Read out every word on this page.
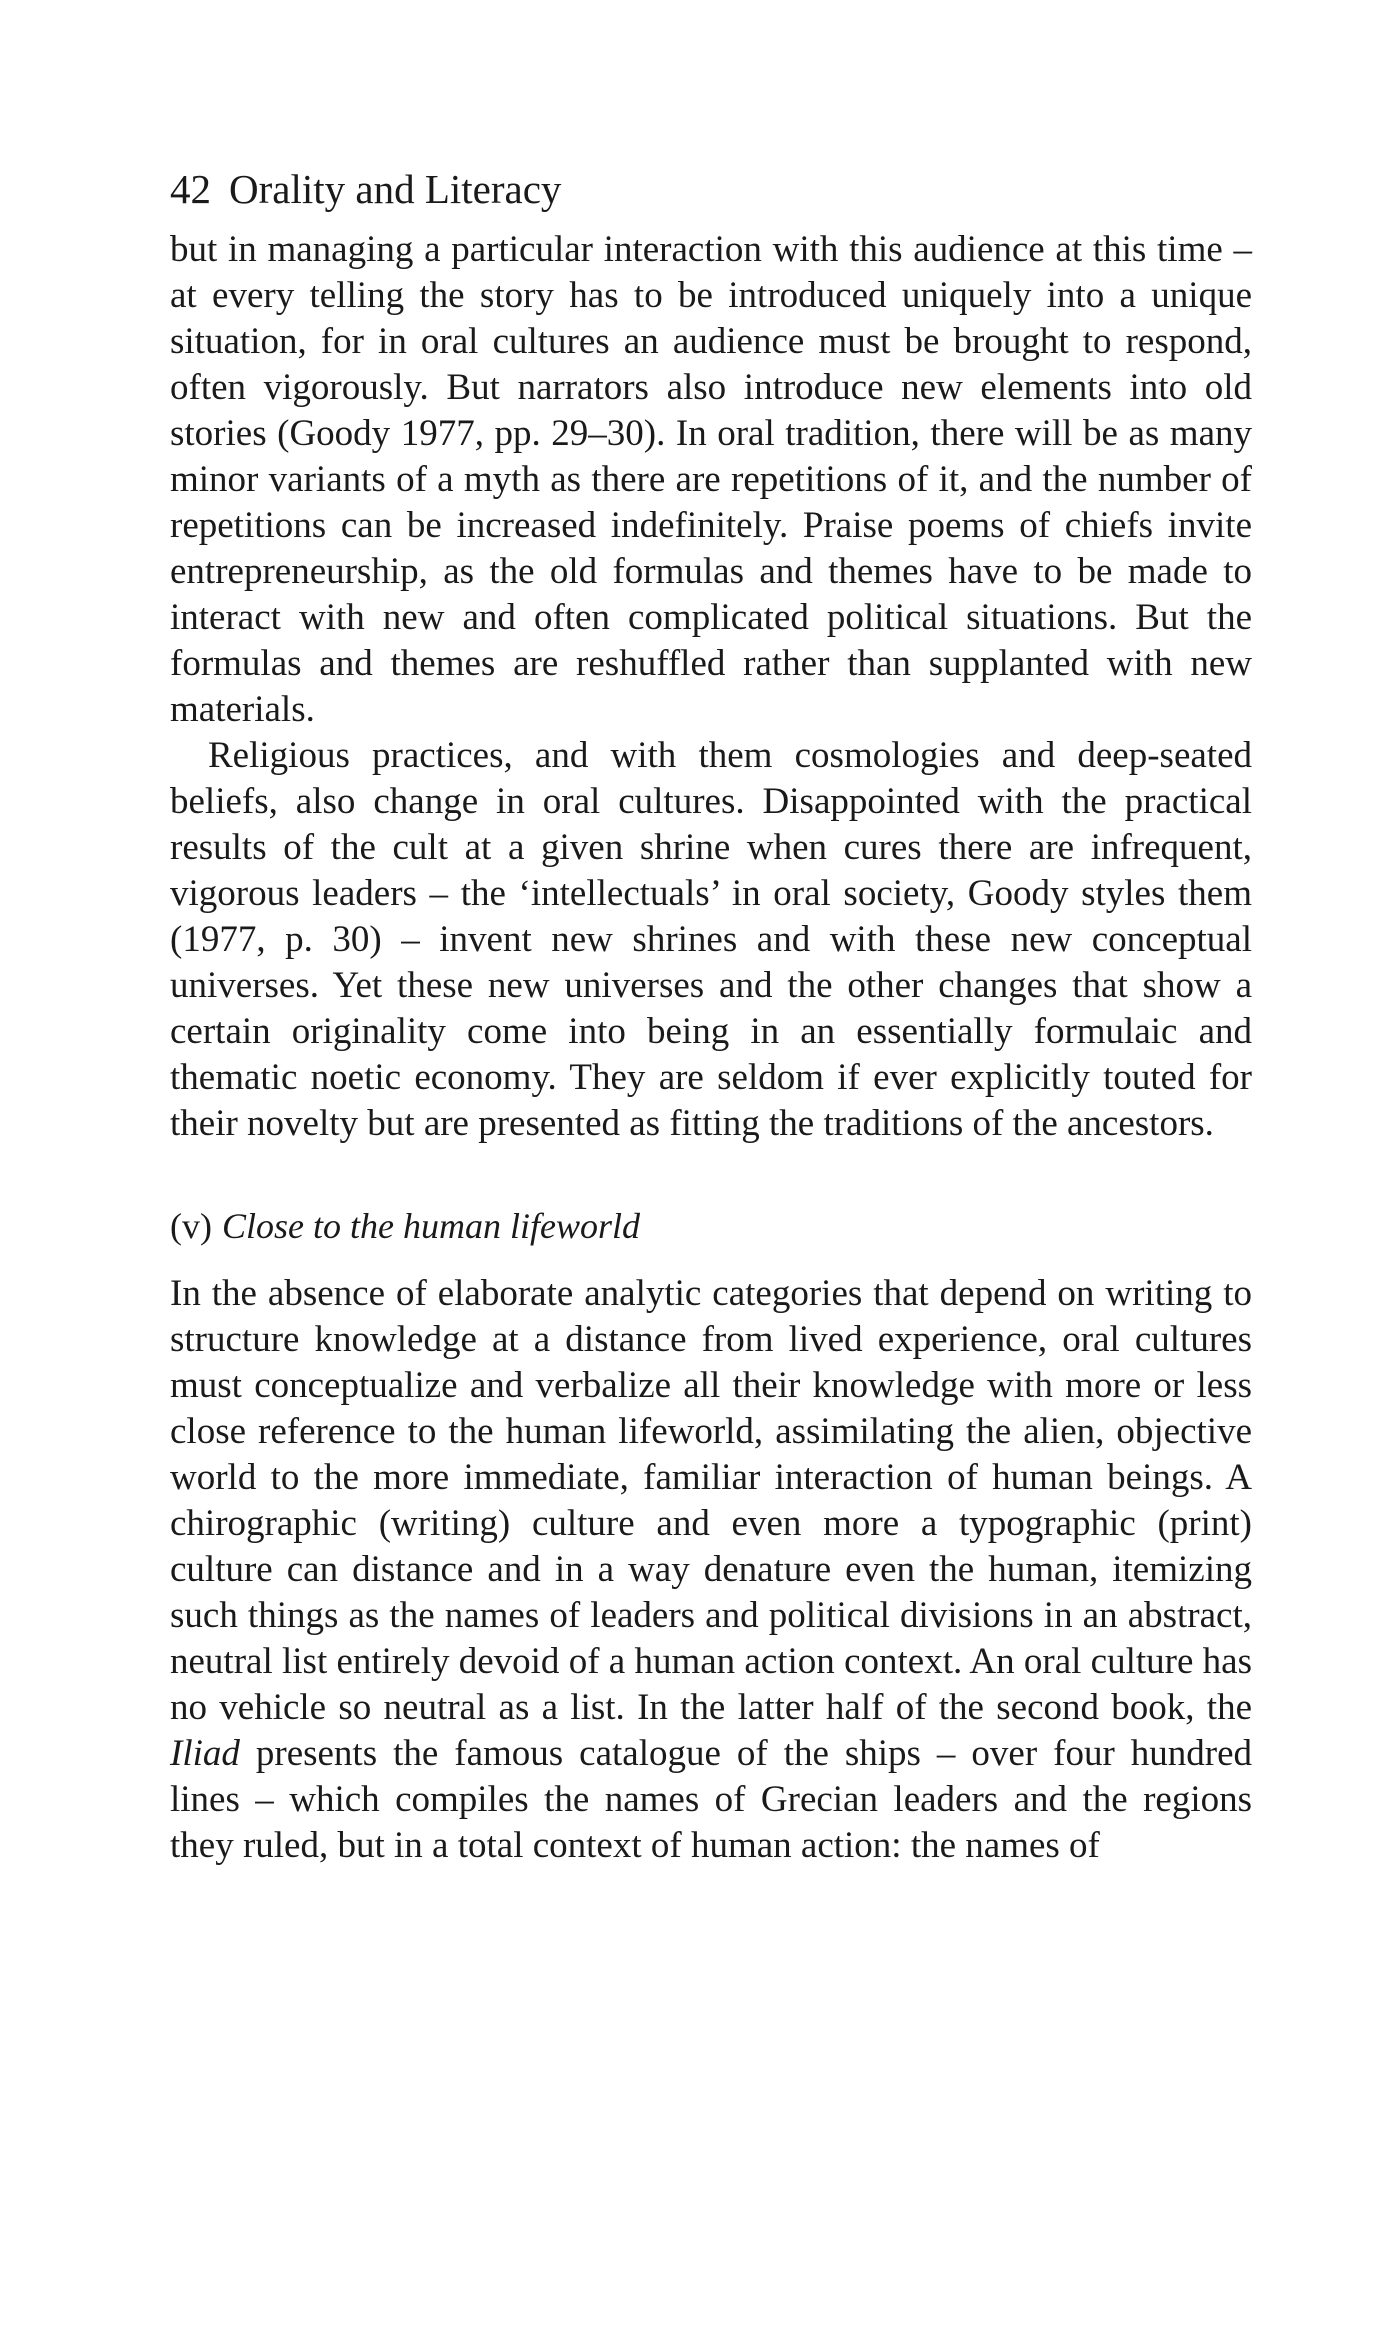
42 Orality and Literacy

but in managing a particular interaction with this audience at this time – at every telling the story has to be introduced uniquely into a unique situation, for in oral cultures an audience must be brought to respond, often vigorously. But narrators also introduce new elements into old stories (Goody 1977, pp. 29–30). In oral tradition, there will be as many minor variants of a myth as there are repetitions of it, and the number of repetitions can be increased indefinitely. Praise poems of chiefs invite entrepreneurship, as the old formulas and themes have to be made to interact with new and often complicated political situations. But the formulas and themes are reshuffled rather than supplanted with new materials.

Religious practices, and with them cosmologies and deep-seated beliefs, also change in oral cultures. Disappointed with the practical results of the cult at a given shrine when cures there are infrequent, vigorous leaders – the ‘intellectuals’ in oral society, Goody styles them (1977, p. 30) – invent new shrines and with these new conceptual universes. Yet these new universes and the other changes that show a certain originality come into being in an essentially formulaic and thematic noetic economy. They are seldom if ever explicitly touted for their novelty but are presented as fitting the traditions of the ancestors.

(v) Close to the human lifeworld

In the absence of elaborate analytic categories that depend on writing to structure knowledge at a distance from lived experience, oral cultures must conceptualize and verbalize all their knowledge with more or less close reference to the human lifeworld, assimilating the alien, objective world to the more immediate, familiar interaction of human beings. A chirographic (writing) culture and even more a typographic (print) culture can distance and in a way denature even the human, itemizing such things as the names of leaders and political divisions in an abstract, neutral list entirely devoid of a human action context. An oral culture has no vehicle so neutral as a list. In the latter half of the second book, the Iliad presents the famous catalogue of the ships – over four hundred lines – which compiles the names of Grecian leaders and the regions they ruled, but in a total context of human action: the names of
